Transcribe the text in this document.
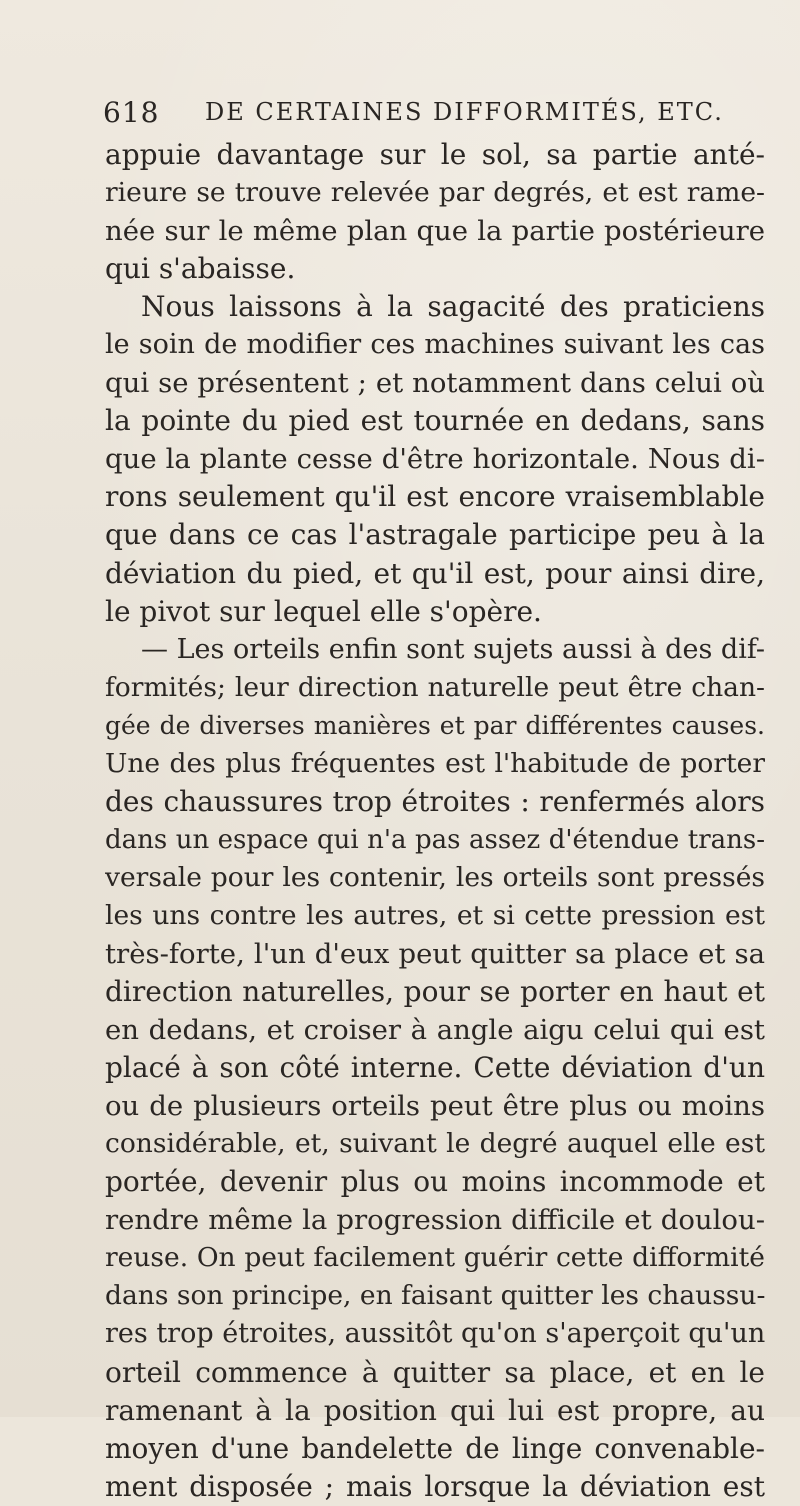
618 DE CERTAINES DIFFORMITÉS, ETC.
appuie davantage sur le sol, sa partie anté-
rieure se trouve relevée par degrés, et est rame-
née sur le même plan que la partie postérieure
qui s'abaisse.
Nous laissons à la sagacité des praticiens
le soin de modifier ces machines suivant les cas
qui se présentent ; et notamment dans celui où
la pointe du pied est tournée en dedans, sans
que la plante cesse d'être horizontale. Nous di-
rons seulement qu'il est encore vraisemblable
que dans ce cas l'astragale participe peu à la
déviation du pied, et qu'il est, pour ainsi dire,
le pivot sur lequel elle s'opère.
— Les orteils enfin sont sujets aussi à des dif-
formités; leur direction naturelle peut être chan-
gée de diverses manières et par différentes causes.
Une des plus fréquentes est l'habitude de porter
des chaussures trop étroites : renfermés alors
dans un espace qui n'a pas assez d'étendue trans-
versale pour les contenir, les orteils sont pressés
les uns contre les autres, et si cette pression est
très-forte, l'un d'eux peut quitter sa place et sa
direction naturelles, pour se porter en haut et
en dedans, et croiser à angle aigu celui qui est
placé à son côté interne. Cette déviation d'un
ou de plusieurs orteils peut être plus ou moins
considérable, et, suivant le degré auquel elle est
portée, devenir plus ou moins incommode et
rendre même la progression difficile et doulou-
reuse. On peut facilement guérir cette difformité
dans son principe, en faisant quitter les chaussu-
res trop étroites, aussitôt qu'on s'aperçoit qu'un
orteil commence à quitter sa place, et en le
ramenant à la position qui lui est propre, au
moyen d'une bandelette de linge convenable-
ment disposée ; mais lorsque la déviation est
